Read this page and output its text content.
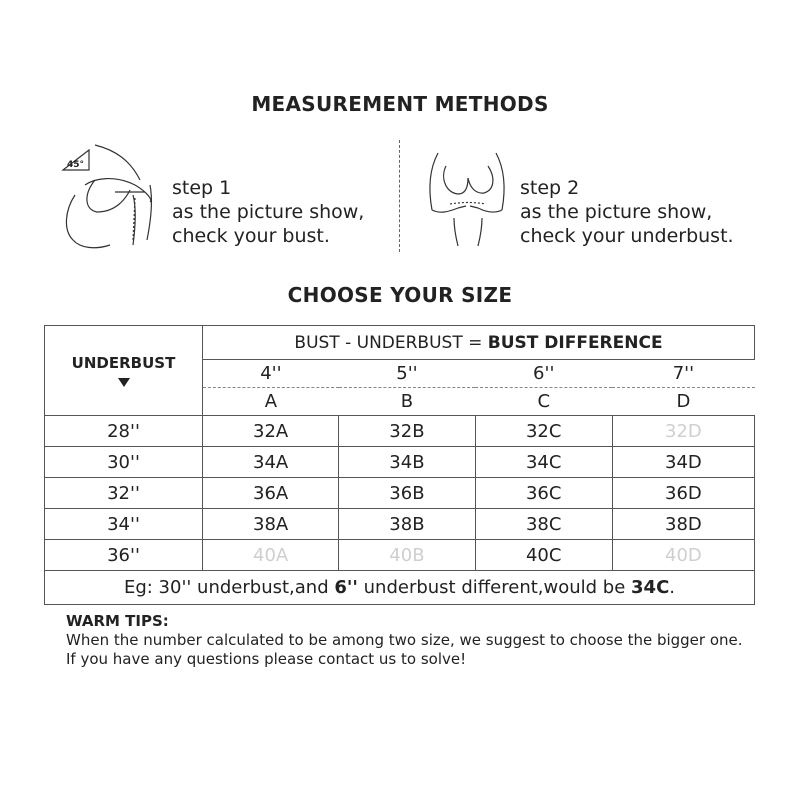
MEASUREMENT METHODS
45°
step 1
as the picture show,
check your bust.
step 2
as the picture show,
check your underbust.
CHOOSE YOUR SIZE
UNDERBUST	BUST - UNDERBUST = BUST DIFFERENCE			
	4''	5''	6''	7''
	A	B	C	D
28''	32A	32B	32C	32D
30''	34A	34B	34C	34D
32''	36A	36B	36C	36D
34''	38A	38B	38C	38D
36''	40A	40B	40C	40D
Eg: 30'' underbust,and 6'' underbust different,would be 34C.				
WARM TIPS:
When the number calculated to be among two size, we suggest to choose the bigger one.
If you have any questions please contact us to solve!
